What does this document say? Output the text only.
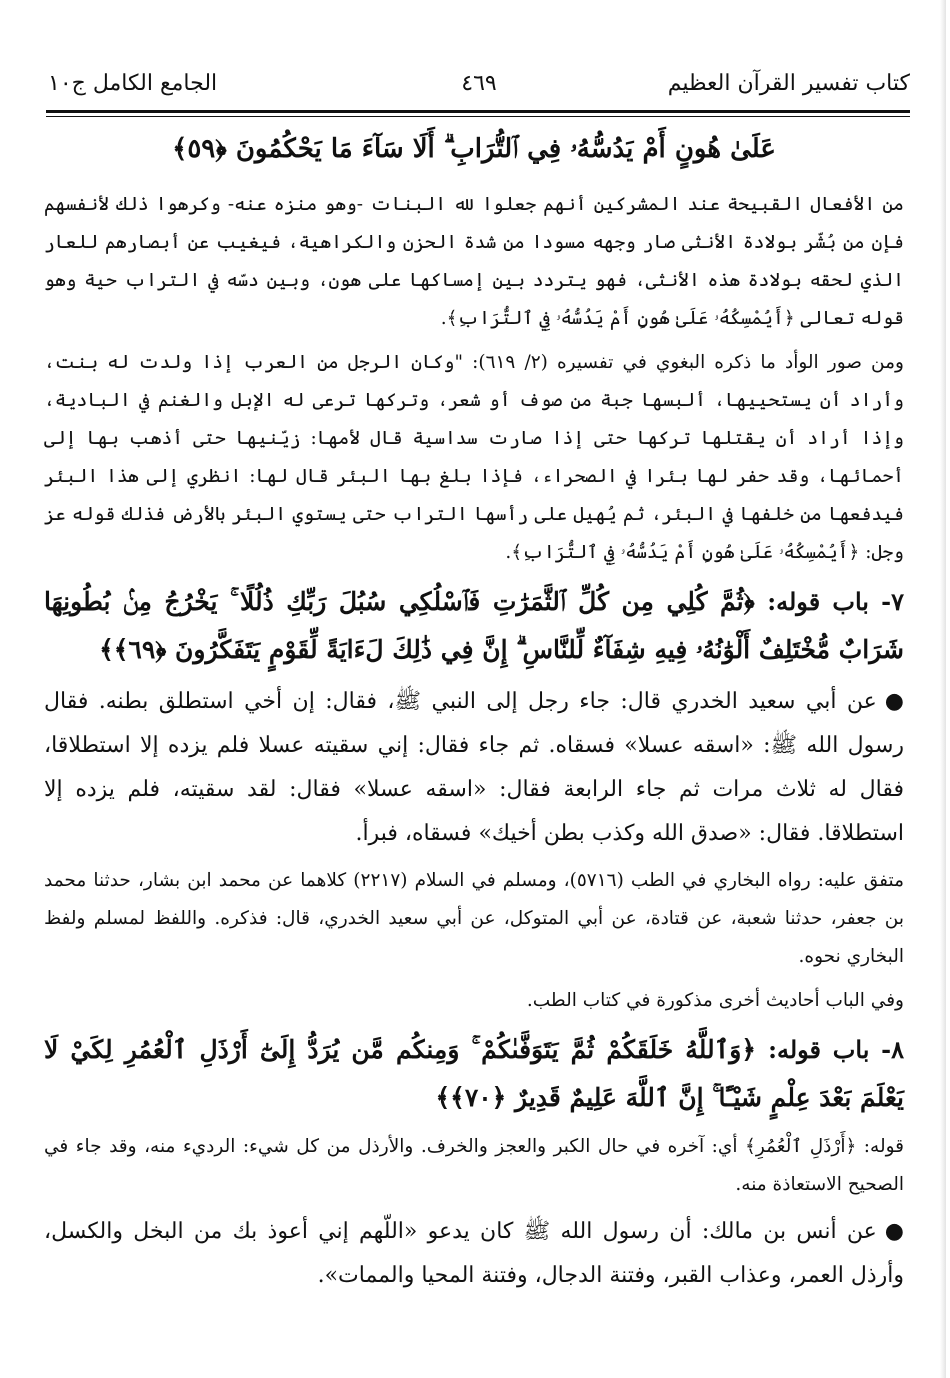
كتاب تفسير القرآن العظيم
٤٦٩
الجامع الكامل ج١٠
عَلَىٰ هُونٍ أَمْ يَدُسُّهُۥ فِي ٱلتُّرَابِ ۗ أَلَا سَآءَ مَا يَحْكُمُونَ ﴿٥٩﴾

من الأفعال القبيحة عند المشركين أنهم جعلوا لله البنات -وهو منزه عنه- وكرهوا ذلك لأنفسهم فإن من بُشّر بولادة الأنثى صار وجهه مسودا من شدة الحزن والكراهية، فيغيب عن أبصارهم للعار الذي لحقه بولادة هذه الأنثى، فهو يتردد بين إمساكها على هون، وبين دسّه في التراب حية وهو قوله تعالى ﴿أَيُمْسِكُهُۥ عَلَىٰ هُونٍ أَمْ يَدُسُّهُۥ فِي ٱلتُّرَابِ﴾.

ومن صور الوأد ما ذكره البغوي في تفسيره (٢/ ٦١٩): "وكان الرجل من العرب إذا ولدت له بنت، وأراد أن يستحييها، ألبسها جبة من صوف أو شعر، وتركها ترعى له الإبل والغنم في البادية، وإذا أراد أن يقتلها تركها حتى إذا صارت سداسية قال لأمها: زيّنيها حتى أذهب بها إلى أحمائها، وقد حفر لها بئرا في الصحراء، فإذا بلغ بها البئر قال لها: انظري إلى هذا البئر فيدفعها من خلفها في البئر، ثم يُهيل على رأسها التراب حتى يستوي البئر بالأرض فذلك قوله عز وجل: ﴿أَيُمْسِكُهُۥ عَلَىٰ هُونٍ أَمْ يَدُسُّهُۥ فِي ٱلتُّرَابِ﴾.

٧- باب قوله: ﴿ثُمَّ كُلِي مِن كُلِّ ٱلثَّمَرَٰتِ فَٱسْلُكِي سُبُلَ رَبِّكِ ذُلُلًا ۚ يَخْرُجُ مِنۢ بُطُونِهَا شَرَابٌ مُّخْتَلِفٌ أَلْوَٰنُهُۥ فِيهِ شِفَآءٌ لِّلنَّاسِ ۗ إِنَّ فِي ذَٰلِكَ لَءَايَةً لِّقَوْمٍ يَتَفَكَّرُونَ ﴿٦٩﴾﴾

●عن أبي سعيد الخدري قال: جاء رجل إلى النبي ﷺ، فقال: إن أخي استطلق بطنه. فقال رسول الله ﷺ: «اسقه عسلا» فسقاه. ثم جاء فقال: إني سقيته عسلا فلم يزده إلا استطلاقا، فقال له ثلاث مرات ثم جاء الرابعة فقال: «اسقه عسلا» فقال: لقد سقيته، فلم يزده إلا استطلاقا. فقال: «صدق الله وكذب بطن أخيك» فسقاه، فبرأ.

متفق عليه: رواه البخاري في الطب (٥٧١٦)، ومسلم في السلام (٢٢١٧) كلاهما عن محمد ابن بشار، حدثنا محمد بن جعفر، حدثنا شعبة، عن قتادة، عن أبي المتوكل، عن أبي سعيد الخدري، قال: فذكره. واللفظ لمسلم ولفظ البخاري نحوه.

وفي الباب أحاديث أخرى مذكورة في كتاب الطب.

٨- باب قوله: ﴿وَٱللَّهُ خَلَقَكُمْ ثُمَّ يَتَوَفَّىٰكُمْ ۚ وَمِنكُم مَّن يُرَدُّ إِلَىٰٓ أَرْذَلِ ٱلْعُمُرِ لِكَيْ لَا يَعْلَمَ بَعْدَ عِلْمٍ شَيْـًٔا ۚ إِنَّ ٱللَّهَ عَلِيمٌ قَدِيرٌ ﴿٧٠﴾﴾

قوله: ﴿أَرْذَلِ ٱلْعُمُرِ﴾ أي: آخره في حال الكبر والعجز والخرف. والأرذل من كل شيء: الرديء منه، وقد جاء في الصحيح الاستعاذة منه.

●عن أنس بن مالك: أن رسول الله ﷺ كان يدعو «اللّهم إني أعوذ بك من البخل والكسل، وأرذل العمر، وعذاب القبر، وفتنة الدجال، وفتنة المحيا والممات».
